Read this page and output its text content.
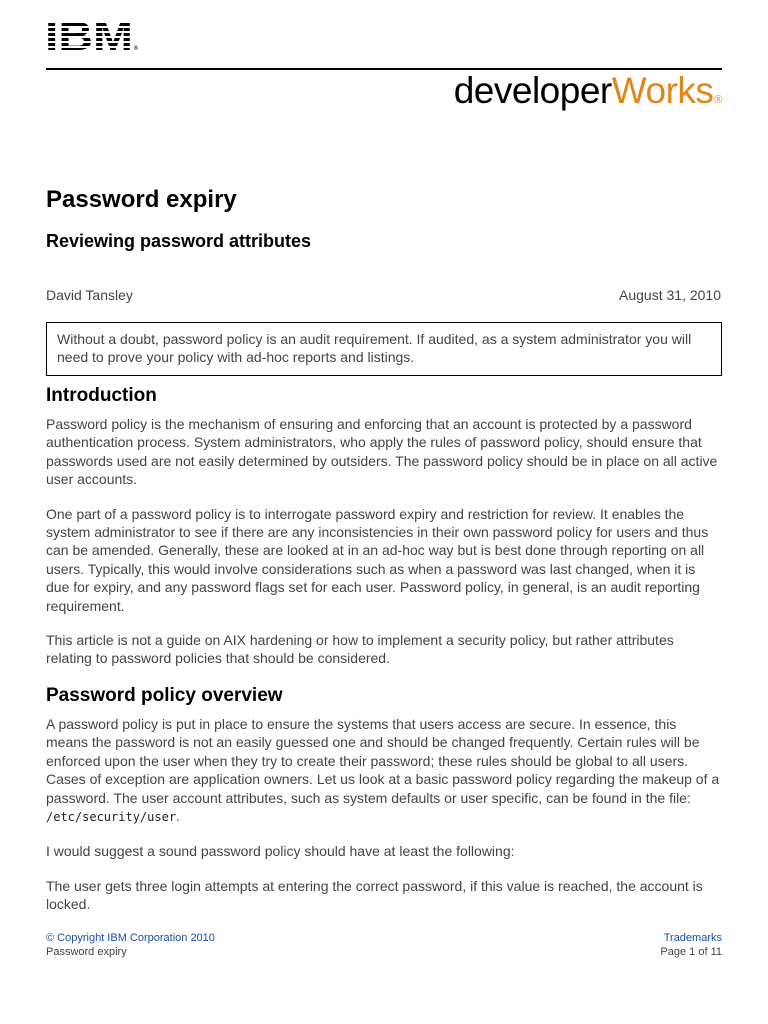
®
developerWorks®
Password expiry
Reviewing password attributes
David Tansley	August 31, 2010
Without a doubt, password policy is an audit requirement. If audited, as a system administrator you will need to prove your policy with ad-hoc reports and listings.
Introduction

Password policy is the mechanism of ensuring and enforcing that an account is protected by a password authentication process. System administrators, who apply the rules of password policy, should ensure that passwords used are not easily determined by outsiders. The password policy should be in place on all active user accounts.

One part of a password policy is to interrogate password expiry and restriction for review. It enables the system administrator to see if there are any inconsistencies in their own password policy for users and thus can be amended. Generally, these are looked at in an ad-hoc way but is best done through reporting on all users. Typically, this would involve considerations such as when a password was last changed, when it is due for expiry, and any password flags set for each user. Password policy, in general, is an audit reporting requirement.

This article is not a guide on AIX hardening or how to implement a security policy, but rather attributes relating to password policies that should be considered.

Password policy overview

A password policy is put in place to ensure the systems that users access are secure. In essence, this means the password is not an easily guessed one and should be changed frequently. Certain rules will be enforced upon the user when they try to create their password; these rules should be global to all users. Cases of exception are application owners. Let us look at a basic password policy regarding the makeup of a password. The user account attributes, such as system defaults or user specific, can be found in the file: /etc/security/user.

I would suggest a sound password policy should have at least the following:

The user gets three login attempts at entering the correct password, if this value is reached, the account is locked.

© Copyright IBM Corporation 2010
Password expiry
Trademarks
Page 1 of 11
